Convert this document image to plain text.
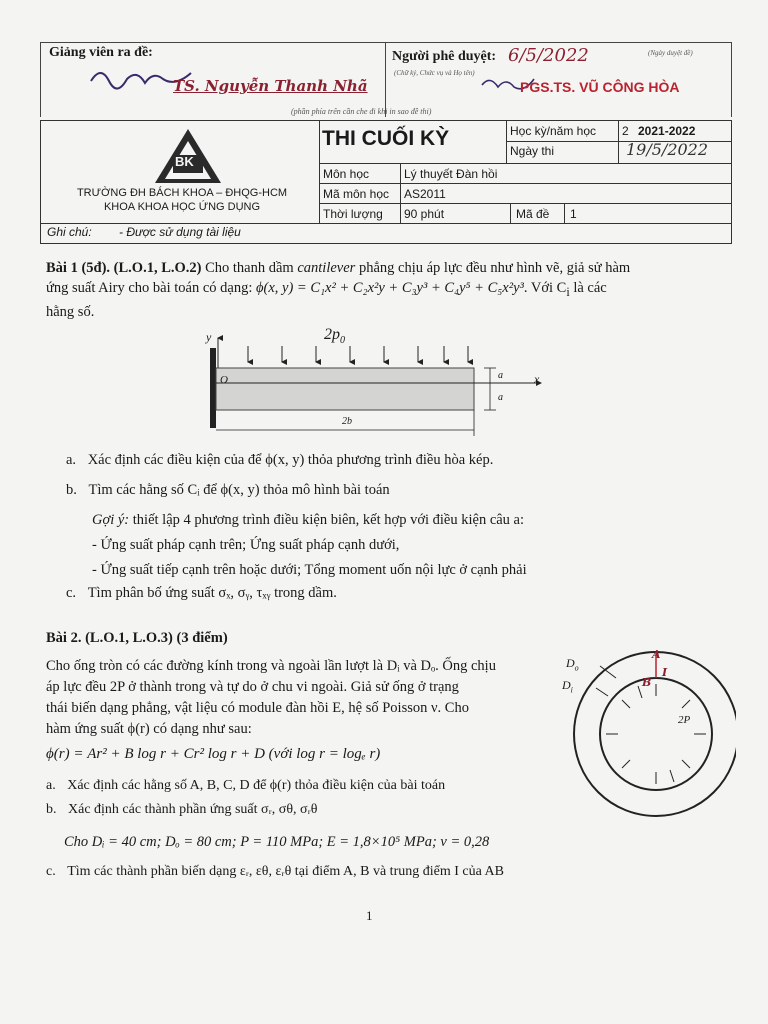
Giảng viên ra đề:
TS. Nguyễn Thanh Nhã
Người phê duyệt: 6/5/2022	(Ngày duyệt đề)
(Chữ ký, Chức vụ và Họ tên)
PGS.TS. VŨ CÔNG HÒA
(phần phía trên cần che đi khi in sao đề thi)
BK
TRƯỜNG ĐH BÁCH KHOA – ĐHQG-HCM
KHOA KHOA HỌC ỨNG DỤNG
THI CUỐI KỲ	Học kỳ/năm học 2 2021-2022
Ngày thi	19/5/2022
Môn học	Lý thuyết Đàn hồi
Mã môn học AS2011
Thời lượng 90 phút	Mã đề 1
Ghi chú: - Được sử dụng tài liệu

Bài 1 (5đ). (L.O.1, L.O.2) Cho thanh dầm cantilever phẳng chịu áp lực đều như hình vẽ, giả sử hàm

ứng suất Airy cho bài toán có dạng: ϕ(x, y) = C₁x² + C₂x²y + C₃y³ + C₄y⁵ + C₅x²y³. Với $C_i$ là các

hằng số.

$2p_0$
y
x
O	a
a
2b
a. Xác định các điều kiện của để ϕ(x, y) thỏa phương trình điều hòa kép.
b. Tìm các hằng số Cᵢ để ϕ(x, y) thỏa mô hình bài toán
Gợi ý: thiết lập 4 phương trình điều kiện biên, kết hợp với điều kiện câu a:
- Ứng suất pháp cạnh trên; Ứng suất pháp cạnh dưới,
- Ứng suất tiếp cạnh trên hoặc dưới; Tổng moment uốn nội lực ở cạnh phải
c. Tìm phân bố ứng suất σₓ, σᵧ, τₓᵧ trong dầm.
Bài 2. (L.O.1, L.O.3) (3 điểm)

Cho ống tròn có các đường kính trong và ngoài lần lượt là Dᵢ và Dₒ. Ống chịu

áp lực đều 2P ở thành trong và tự do ở chu vi ngoài. Giả sử ống ở trạng

thái biến dạng phẳng, vật liệu có module đàn hồi E, hệ số Poisson ν. Cho

hàm ứng suất ϕ(r) có dạng như sau:

ϕ(r) = Ar² + B log r + Cr² log r + D (với log r = logₑ r)
a. Xác định các hằng số A, B, C, D để ϕ(r) thỏa điều kiện của bài toán
b. Xác định các thành phần ứng suất σᵣ, σθ, σᵣθ
Cho Dᵢ = 40 cm; Dₒ = 80 cm; P = 110 MPa; E = 1,8×10⁵ MPa; ν = 0,28
c. Tìm các thành phần biến dạng εᵣ, εθ, εᵣθ tại điểm A, B và trung điểm I của AB
A
B
I
$D_o$
$D_i$
2P
1
